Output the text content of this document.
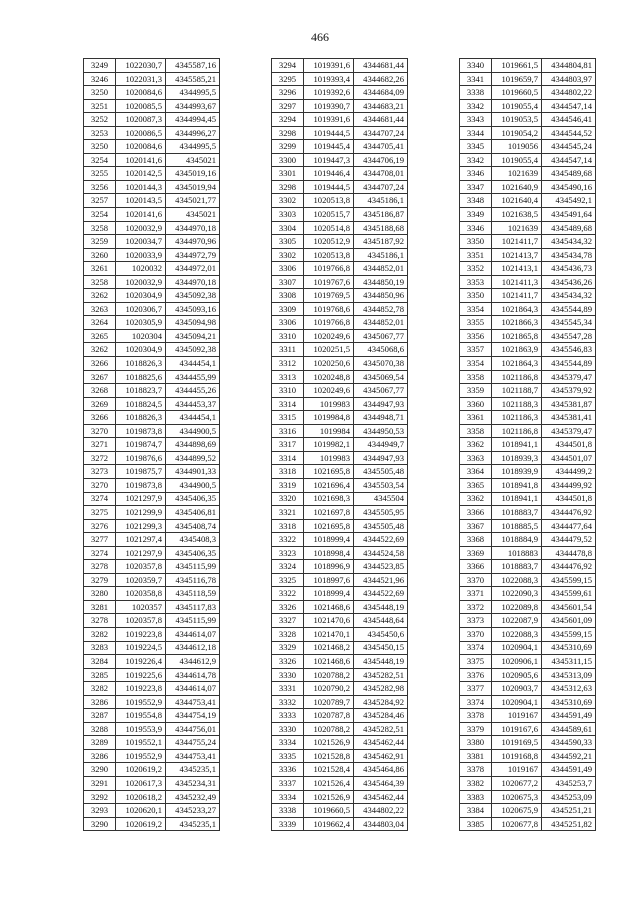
466
3249	1022030,7	4345587,16
3246	1022031,3	4345585,21
3250	1020084,6	4344995,5
3251	1020085,5	4344993,67
3252	1020087,3	4344994,45
3253	1020086,5	4344996,27
3250	1020084,6	4344995,5
3254	1020141,6	4345021
3255	1020142,5	4345019,16
3256	1020144,3	4345019,94
3257	1020143,5	4345021,77
3254	1020141,6	4345021
3258	1020032,9	4344970,18
3259	1020034,7	4344970,96
3260	1020033,9	4344972,79
3261	1020032	4344972,01
3258	1020032,9	4344970,18
3262	1020304,9	4345092,38
3263	1020306,7	4345093,16
3264	1020305,9	4345094,98
3265	1020304	4345094,21
3262	1020304,9	4345092,38
3266	1018826,3	4344454,1
3267	1018825,6	4344455,99
3268	1018823,7	4344455,26
3269	1018824,5	4344453,37
3266	1018826,3	4344454,1
3270	1019873,8	4344900,5
3271	1019874,7	4344898,69
3272	1019876,6	4344899,52
3273	1019875,7	4344901,33
3270	1019873,8	4344900,5
3274	1021297,9	4345406,35
3275	1021299,9	4345406,81
3276	1021299,3	4345408,74
3277	1021297,4	4345408,3
3274	1021297,9	4345406,35
3278	1020357,8	4345115,99
3279	1020359,7	4345116,78
3280	1020358,8	4345118,59
3281	1020357	4345117,83
3278	1020357,8	4345115,99
3282	1019223,8	4344614,07
3283	1019224,5	4344612,18
3284	1019226,4	4344612,9
3285	1019225,6	4344614,78
3282	1019223,8	4344614,07
3286	1019552,9	4344753,41
3287	1019554,8	4344754,19
3288	1019553,9	4344756,01
3289	1019552,1	4344755,24
3286	1019552,9	4344753,41
3290	1020619,2	4345235,1
3291	1020617,3	4345234,31
3292	1020618,2	4345232,49
3293	1020620,1	4345233,27
3290	1020619,2	4345235,1
3294	1019391,6	4344681,44
3295	1019393,4	4344682,26
3296	1019392,6	4344684,09
3297	1019390,7	4344683,21
3294	1019391,6	4344681,44
3298	1019444,5	4344707,24
3299	1019445,4	4344705,41
3300	1019447,3	4344706,19
3301	1019446,4	4344708,01
3298	1019444,5	4344707,24
3302	1020513,8	4345186,1
3303	1020515,7	4345186,87
3304	1020514,8	4345188,68
3305	1020512,9	4345187,92
3302	1020513,8	4345186,1
3306	1019766,8	4344852,01
3307	1019767,6	4344850,19
3308	1019769,5	4344850,96
3309	1019768,6	4344852,78
3306	1019766,8	4344852,01
3310	1020249,6	4345067,77
3311	1020251,5	4345068,6
3312	1020250,6	4345070,38
3313	1020248,8	4345069,54
3310	1020249,6	4345067,77
3314	1019983	4344947,93
3315	1019984,8	4344948,71
3316	1019984	4344950,53
3317	1019982,1	4344949,7
3314	1019983	4344947,93
3318	1021695,8	4345505,48
3319	1021696,4	4345503,54
3320	1021698,3	4345504
3321	1021697,8	4345505,95
3318	1021695,8	4345505,48
3322	1018999,4	4344522,69
3323	1018998,4	4344524,58
3324	1018996,9	4344523,85
3325	1018997,6	4344521,96
3322	1018999,4	4344522,69
3326	1021468,6	4345448,19
3327	1021470,6	4345448,64
3328	1021470,1	4345450,6
3329	1021468,2	4345450,15
3326	1021468,6	4345448,19
3330	1020788,2	4345282,51
3331	1020790,2	4345282,98
3332	1020789,7	4345284,92
3333	1020787,8	4345284,46
3330	1020788,2	4345282,51
3334	1021526,9	4345462,44
3335	1021528,8	4345462,91
3336	1021528,4	4345464,86
3337	1021526,4	4345464,39
3334	1021526,9	4345462,44
3338	1019660,5	4344802,22
3339	1019662,4	4344803,04
3340	1019661,5	4344804,81
3341	1019659,7	4344803,97
3338	1019660,5	4344802,22
3342	1019055,4	4344547,14
3343	1019053,5	4344546,41
3344	1019054,2	4344544,52
3345	1019056	4344545,24
3342	1019055,4	4344547,14
3346	1021639	4345489,68
3347	1021640,9	4345490,16
3348	1021640,4	4345492,1
3349	1021638,5	4345491,64
3346	1021639	4345489,68
3350	1021411,7	4345434,32
3351	1021413,7	4345434,78
3352	1021413,1	4345436,73
3353	1021411,3	4345436,26
3350	1021411,7	4345434,32
3354	1021864,3	4345544,89
3355	1021866,3	4345545,34
3356	1021865,8	4345547,28
3357	1021863,9	4345546,83
3354	1021864,3	4345544,89
3358	1021186,8	4345379,47
3359	1021188,7	4345379,92
3360	1021188,3	4345381,87
3361	1021186,3	4345381,41
3358	1021186,8	4345379,47
3362	1018941,1	4344501,8
3363	1018939,3	4344501,07
3364	1018939,9	4344499,2
3365	1018941,8	4344499,92
3362	1018941,1	4344501,8
3366	1018883,7	4344476,92
3367	1018885,5	4344477,64
3368	1018884,9	4344479,52
3369	1018883	4344478,8
3366	1018883,7	4344476,92
3370	1022088,3	4345599,15
3371	1022090,3	4345599,61
3372	1022089,8	4345601,54
3373	1022087,9	4345601,09
3370	1022088,3	4345599,15
3374	1020904,1	4345310,69
3375	1020906,1	4345311,15
3376	1020905,6	4345313,09
3377	1020903,7	4345312,63
3374	1020904,1	4345310,69
3378	1019167	4344591,49
3379	1019167,6	4344589,61
3380	1019169,5	4344590,33
3381	1019168,8	4344592,21
3378	1019167	4344591,49
3382	1020677,2	4345253,7
3383	1020675,3	4345253,09
3384	1020675,9	4345251,21
3385	1020677,8	4345251,82
